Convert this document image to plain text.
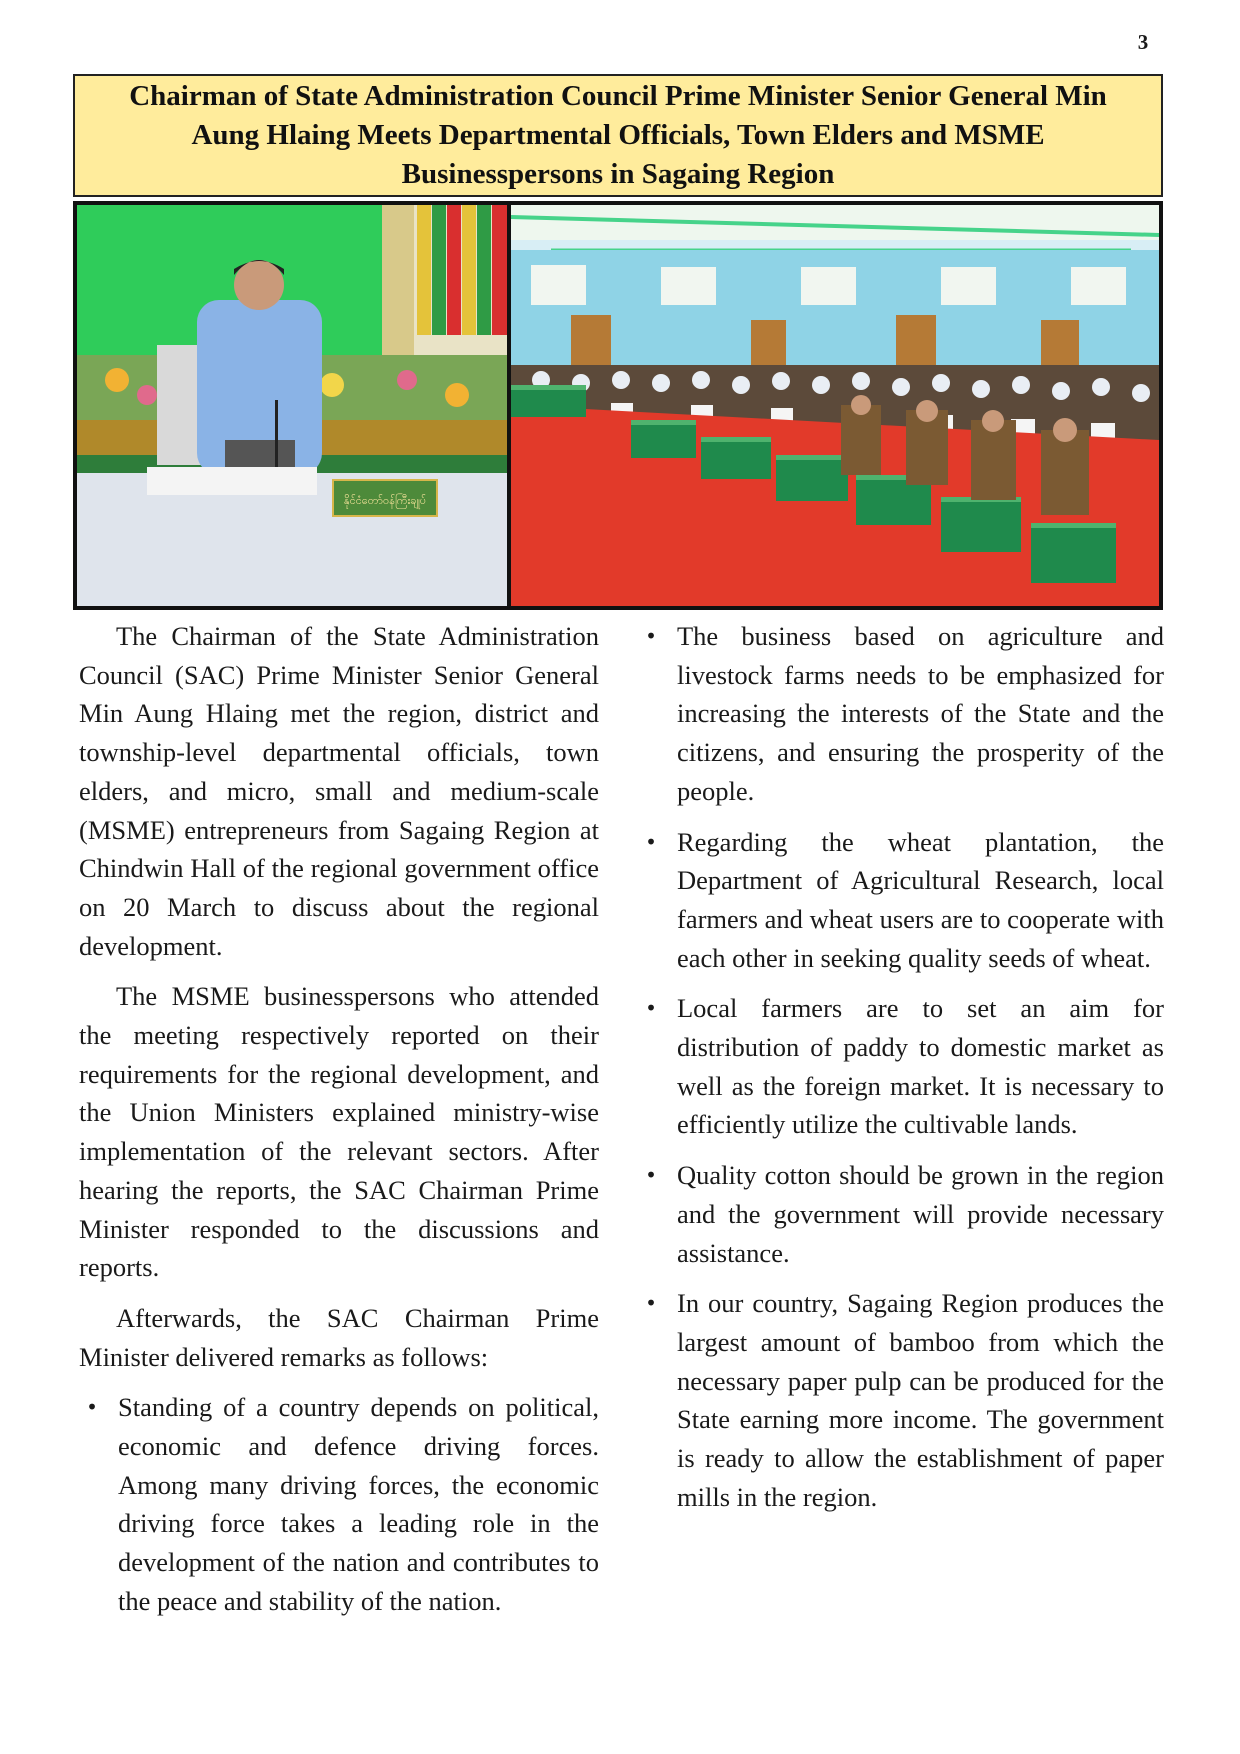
3
Chairman of State Administration Council Prime Minister Senior General Min Aung Hlaing Meets Departmental Officials, Town Elders and MSME Businesspersons in Sagaing Region
နိုင်ငံတော်ဝန်ကြီးချုပ်

The Chairman of the State Administration Council (SAC) Prime Minister Senior General Min Aung Hlaing met the region, district and township-level departmental officials, town elders, and micro, small and medium-scale (MSME) entrepreneurs from Sagaing Region at Chindwin Hall of the regional government office on 20 March to discuss about the regional development.

The MSME businesspersons who attended the meeting respectively reported on their requirements for the regional development, and the Union Ministers explained ministry-wise implementation of the relevant sectors. After hearing the reports, the SAC Chairman Prime Minister responded to the discussions and reports.

Afterwards, the SAC Chairman Prime Minister delivered remarks as follows:

• Standing of a country depends on political, economic and defence driving forces. Among many driving forces, the economic driving force takes a leading role in the development of the nation and contributes to the peace and stability of the nation.
• The business based on agriculture and livestock farms needs to be emphasized for increasing the interests of the State and the citizens, and ensuring the prosperity of the people.
• Regarding the wheat plantation, the Department of Agricultural Research, local farmers and wheat users are to cooperate with each other in seeking quality seeds of wheat.
• Local farmers are to set an aim for distribution of paddy to domestic market as well as the foreign market. It is necessary to efficiently utilize the cultivable lands.
• Quality cotton should be grown in the region and the government will provide necessary assistance.
• In our country, Sagaing Region produces the largest amount of bamboo from which the necessary paper pulp can be produced for the State earning more income. The government is ready to allow the establishment of paper mills in the region.
